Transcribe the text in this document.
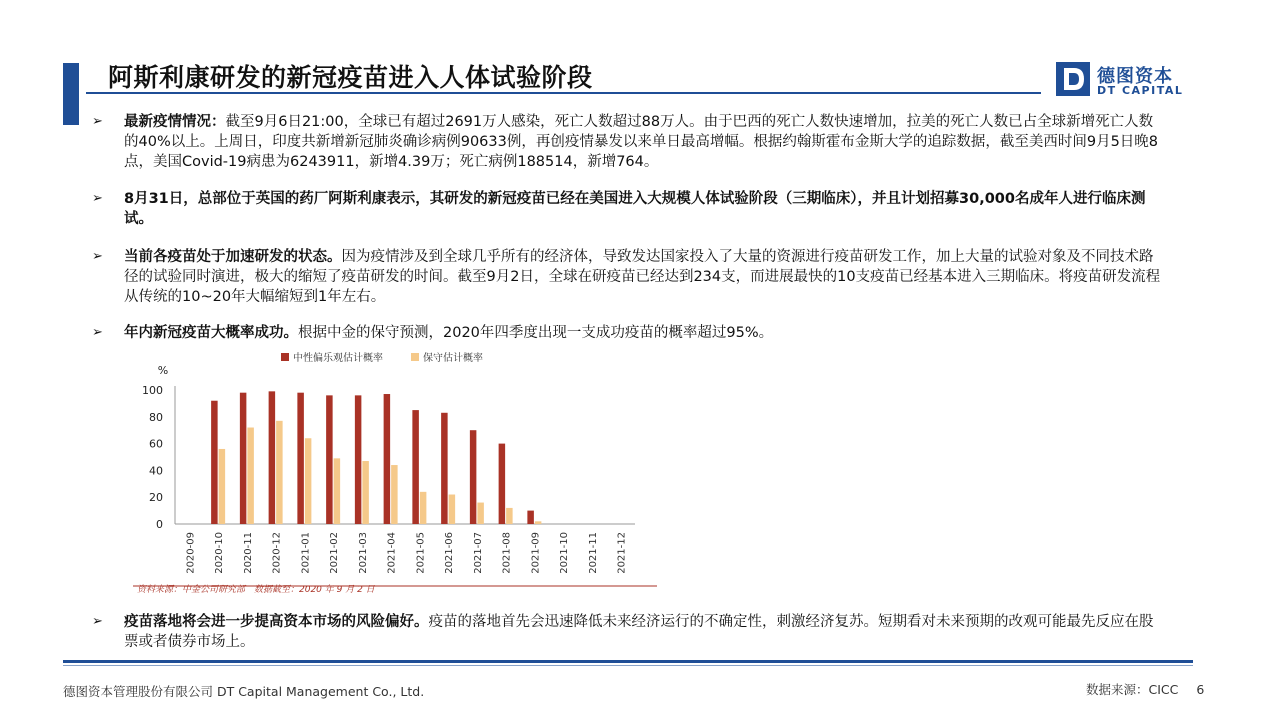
阿斯利康研发的新冠疫苗进入人体试验阶段	德图资本
DT CAPITAL
➢ 最新疫情情况：截至9月6日21:00，全球已有超过2691万人感染，死亡人数超过88万人。由于巴西的死亡人数快速增加，拉美的死亡人数已占全球新增死亡人数的40%以上。上周日，印度共新增新冠肺炎确诊病例90633例，再创疫情暴发以来单日最高增幅。根据约翰斯霍布金斯大学的追踪数据，截至美西时间9月5日晚8点，美国Covid-19病患为6243911，新增4.39万；死亡病例188514，新增764。
➢ 8月31日，总部位于英国的药厂阿斯利康表示，其研发的新冠疫苗已经在美国进入大规模人体试验阶段（三期临床），并且计划招募30,000名成年人进行临床测试。
➢ 当前各疫苗处于加速研发的状态。因为疫情涉及到全球几乎所有的经济体，导致发达国家投入了大量的资源进行疫苗研发工作，加上大量的试验对象及不同技术路径的试验同时演进，极大的缩短了疫苗研发的时间。截至9月2日，全球在研疫苗已经达到234支，而进展最快的10支疫苗已经基本进入三期临床。将疫苗研发流程从传统的10~20年大幅缩短到1年左右。
➢ 年内新冠疫苗大概率成功。根据中金的保守预测，2020年四季度出现一支成功疫苗的概率超过95%。
➢ 疫苗落地将会进一步提高资本市场的风险偏好。疫苗的落地首先会迅速降低未来经济运行的不确定性，刺激经济复苏。短期看对未来预期的改观可能最先反应在股票或者债券市场上。
中性偏乐观估计概率	保守估计概率
%
0
20
40
60
80
100
2020-09 2020-10 2020-11 2020-12 2021-01 2021-02 2021-03 2021-04 2021-05 2021-06 2021-07 2021-08 2021-09 2021-10 2021-11 2021-12
资料来源：中金公司研究部　数据截至：2020 年 9 月 2 日
德图资本管理股份有限公司 DT Capital Management Co., Ltd.	数据来源：CICC 6
